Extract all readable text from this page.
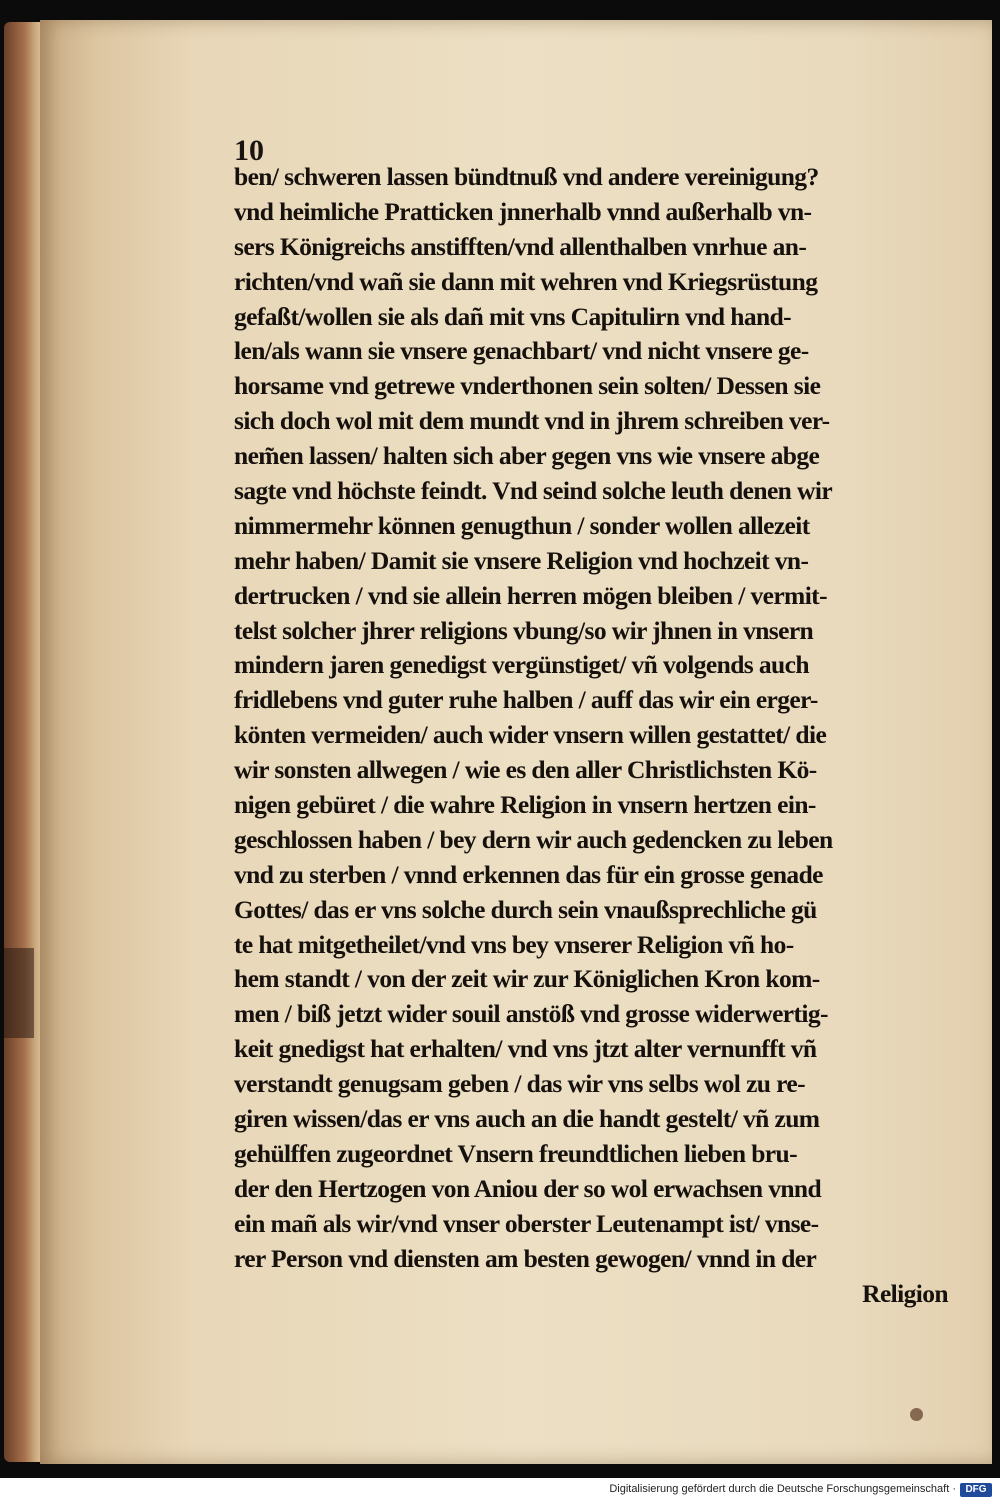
10
ben/ schweren lassen bündtnuß vnd andere vereinigung?
vnd heimliche Pratticken jnnerhalb vnnd außerhalb vn-
sers Königreichs anstifften/vnd allenthalben vnrhue an-
richten/vnd wañ sie dann mit wehren vnd Kriegsrüstung
gefaßt/wollen sie als dañ mit vns Capitulirn vnd hand-
len/als wann sie vnsere genachbart/ vnd nicht vnsere ge-
horsame vnd getrewe vnderthonen sein solten/ Dessen sie
sich doch wol mit dem mundt vnd in jhrem schreiben ver-
nem̃en lassen/ halten sich aber gegen vns wie vnsere abge
sagte vnd höchste feindt. Vnd seind solche leuth denen wir
nimmermehr können genugthun / sonder wollen allezeit
mehr haben/ Damit sie vnsere Religion vnd hochzeit vn-
dertrucken / vnd sie allein herren mögen bleiben / vermit-
telst solcher jhrer religions vbung/so wir jhnen in vnsern
mindern jaren genedigst vergünstiget/ vñ volgends auch
fridlebens vnd guter ruhe halben / auff das wir ein erger-
könten vermeiden/ auch wider vnsern willen gestattet/ die
wir sonsten allwegen / wie es den aller Christlichsten Kö-
nigen gebüret / die wahre Religion in vnsern hertzen ein-
geschlossen haben / bey dern wir auch gedencken zu leben
vnd zu sterben / vnnd erkennen das für ein grosse genade
Gottes/ das er vns solche durch sein vnaußsprechliche gü
te hat mitgetheilet/vnd vns bey vnserer Religion vñ ho-
hem standt / von der zeit wir zur Königlichen Kron kom-
men / biß jetzt wider souil anstöß vnd grosse widerwertig-
keit gnedigst hat erhalten/ vnd vns jtzt alter vernunfft vñ
verstandt genugsam geben / das wir vns selbs wol zu re-
giren wissen/das er vns auch an die handt gestelt/ vñ zum
gehülffen zugeordnet Vnsern freundtlichen lieben bru-
der den Hertzogen von Aniou der so wol erwachsen vnnd
ein mañ als wir/vnd vnser oberster Leutenampt ist/ vnse-
rer Person vnd diensten am besten gewogen/ vnnd in der
Religion
Digitalisierung gefördert durch die Deutsche Forschungsgemeinschaft · DFG
